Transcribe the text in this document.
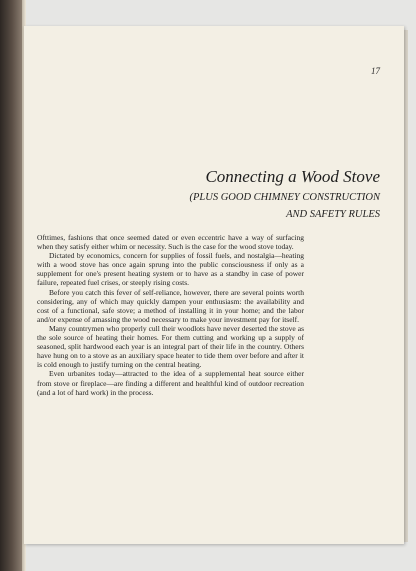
17
Connecting a Wood Stove
(PLUS GOOD CHIMNEY CONSTRUCTION
AND SAFETY RULES

Ofttimes, fashions that once seemed dated or even eccentric have a way of surfacing when they satisfy either whim or necessity. Such is the case for the wood stove today.

Dictated by economics, concern for supplies of fossil fuels, and nostalgia—heating with a wood stove has once again sprung into the public consciousness if only as a supplement for one's present heating system or to have as a standby in case of power failure, repeated fuel crises, or steeply rising costs.

Before you catch this fever of self-reliance, however, there are several points worth considering, any of which may quickly dampen your enthusiasm: the availability and cost of a functional, safe stove; a method of installing it in your home; and the labor and/or expense of amassing the wood necessary to make your investment pay for itself.

Many countrymen who properly cull their woodlots have never deserted the stove as the sole source of heating their homes. For them cutting and working up a supply of seasoned, split hardwood each year is an integral part of their life in the country. Others have hung on to a stove as an auxiliary space heater to tide them over before and after it is cold enough to justify turning on the central heating.

Even urbanites today—attracted to the idea of a supplemental heat source either from stove or fireplace—are finding a different and healthful kind of outdoor recreation (and a lot of hard work) in the process.
